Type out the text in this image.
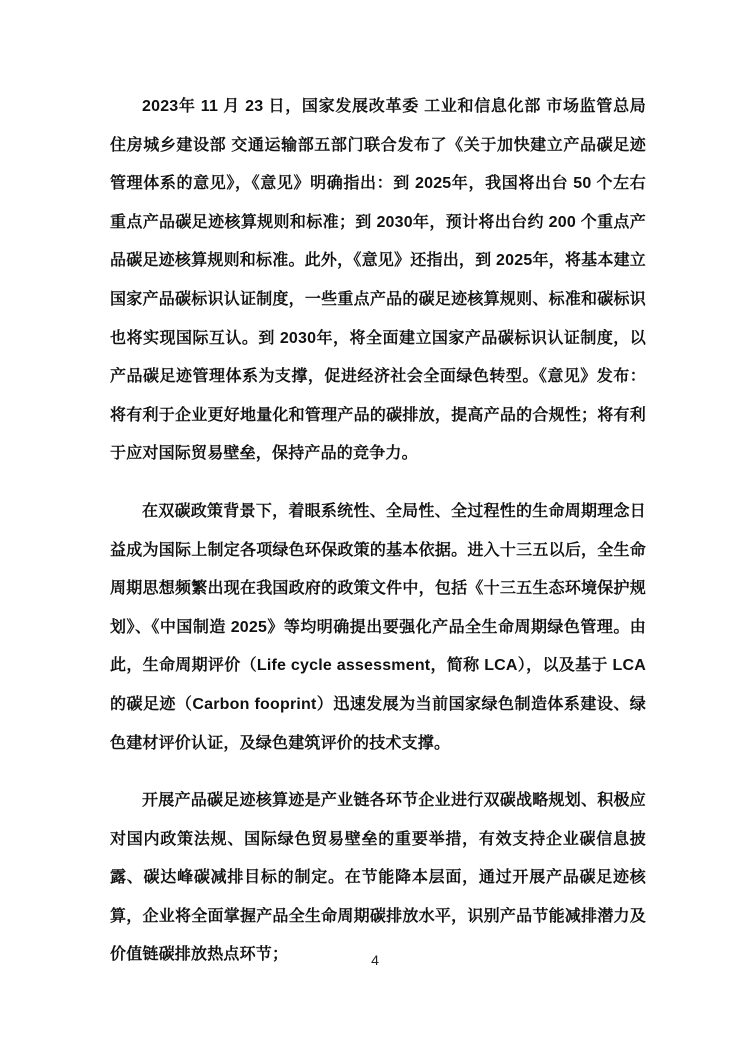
2023年 11 月 23 日，国家发展改革委 工业和信息化部 市场监管总局 住房城乡建设部 交通运输部五部门联合发布了《关于加快建立产品碳足迹管理体系的意见》，《意见》明确指出：到 2025年，我国将出台 50 个左右重点产品碳足迹核算规则和标准；到 2030年，预计将出台约 200 个重点产品碳足迹核算规则和标准。此外，《意见》还指出，到 2025年，将基本建立国家产品碳标识认证制度，一些重点产品的碳足迹核算规则、标准和碳标识也将实现国际互认。到 2030年，将全面建立国家产品碳标识认证制度，以产品碳足迹管理体系为支撑，促进经济社会全面绿色转型。《意见》发布：将有利于企业更好地量化和管理产品的碳排放，提高产品的合规性；将有利于应对国际贸易壁垒，保持产品的竞争力。

在双碳政策背景下，着眼系统性、全局性、全过程性的生命周期理念日益成为国际上制定各项绿色环保政策的基本依据。进入十三五以后，全生命周期思想频繁出现在我国政府的政策文件中，包括《十三五生态环境保护规划》、《中国制造 2025》等均明确提出要强化产品全生命周期绿色管理。由此，生命周期评价（Life cycle assessment，简称 LCA），以及基于 LCA 的碳足迹（Carbon fooprint）迅速发展为当前国家绿色制造体系建设、绿色建材评价认证，及绿色建筑评价的技术支撑。

开展产品碳足迹核算迹是产业链各环节企业进行双碳战略规划、积极应对国内政策法规、国际绿色贸易壁垒的重要举措，有效支持企业碳信息披露、碳达峰碳减排目标的制定。在节能降本层面，通过开展产品碳足迹核算，企业将全面掌握产品全生命周期碳排放水平，识别产品节能减排潜力及价值链碳排放热点环节；	4
